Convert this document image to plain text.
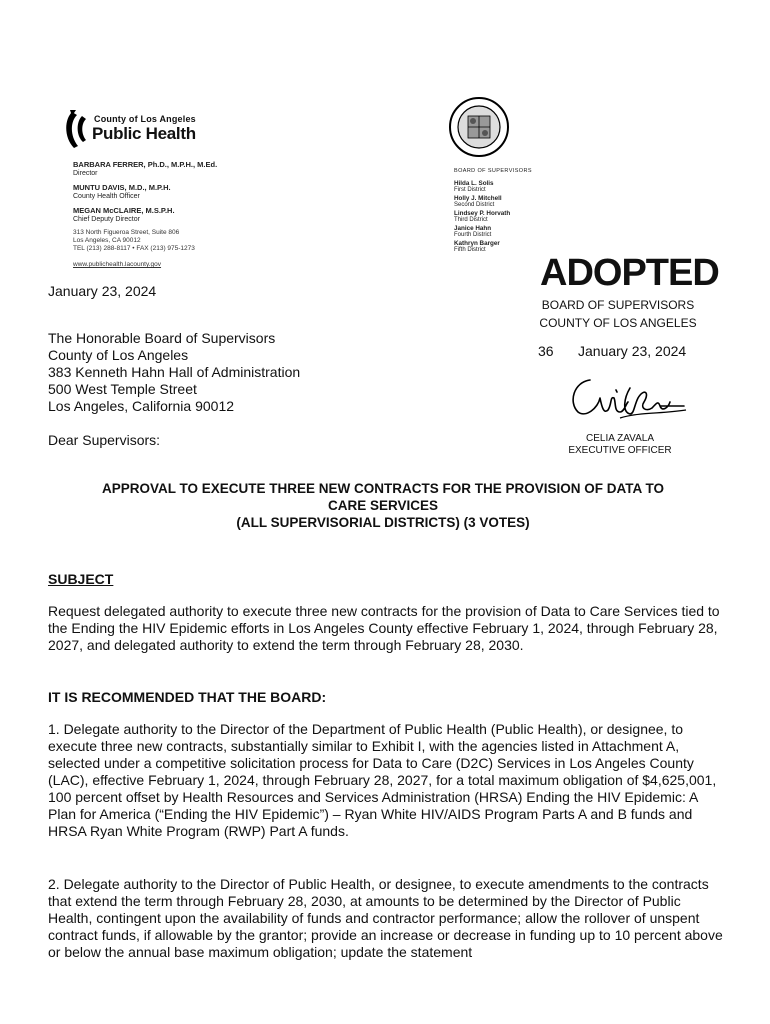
County of Los Angeles
Public Health
BARBARA FERRER, Ph.D., M.P.H., M.Ed.
Director
MUNTU DAVIS, M.D., M.P.H.
County Health Officer
MEGAN McCLAIRE, M.S.P.H.
Chief Deputy Director
313 North Figueroa Street, Suite 806
Los Angeles, CA 90012
TEL (213) 288-8117 • FAX (213) 975-1273
www.publichealth.lacounty.gov
BOARD OF SUPERVISORS
Hilda L. Solis
First District
Holly J. Mitchell
Second District
Lindsey P. Horvath
Third District
Janice Hahn
Fourth District
Kathryn Barger
Fifth District
ADOPTED
BOARD OF SUPERVISORS
COUNTY OF LOS ANGELES
36 January 23, 2024
CELIA ZAVALA
EXECUTIVE OFFICER
January 23, 2024
The Honorable Board of Supervisors
County of Los Angeles
383 Kenneth Hahn Hall of Administration
500 West Temple Street
Los Angeles, California 90012
Dear Supervisors:
APPROVAL TO EXECUTE THREE NEW CONTRACTS FOR THE PROVISION OF DATA TO
CARE SERVICES
(ALL SUPERVISORIAL DISTRICTS) (3 VOTES)
SUBJECT
Request delegated authority to execute three new contracts for the provision of Data to Care Services tied to the Ending the HIV Epidemic efforts in Los Angeles County effective February 1, 2024, through February 28, 2027, and delegated authority to extend the term through February 28, 2030.
IT IS RECOMMENDED THAT THE BOARD:
1. Delegate authority to the Director of the Department of Public Health (Public Health), or designee, to execute three new contracts, substantially similar to Exhibit I, with the agencies listed in Attachment A, selected under a competitive solicitation process for Data to Care (D2C) Services in Los Angeles County (LAC), effective February 1, 2024, through February 28, 2027, for a total maximum obligation of $4,625,001, 100 percent offset by Health Resources and Services Administration (HRSA) Ending the HIV Epidemic: A Plan for America (“Ending the HIV Epidemic”) – Ryan White HIV/AIDS Program Parts A and B funds and HRSA Ryan White Program (RWP) Part A funds.
2. Delegate authority to the Director of Public Health, or designee, to execute amendments to the contracts that extend the term through February 28, 2030, at amounts to be determined by the Director of Public Health, contingent upon the availability of funds and contractor performance; allow the rollover of unspent contract funds, if allowable by the grantor; provide an increase or decrease in funding up to 10 percent above or below the annual base maximum obligation; update the statement
